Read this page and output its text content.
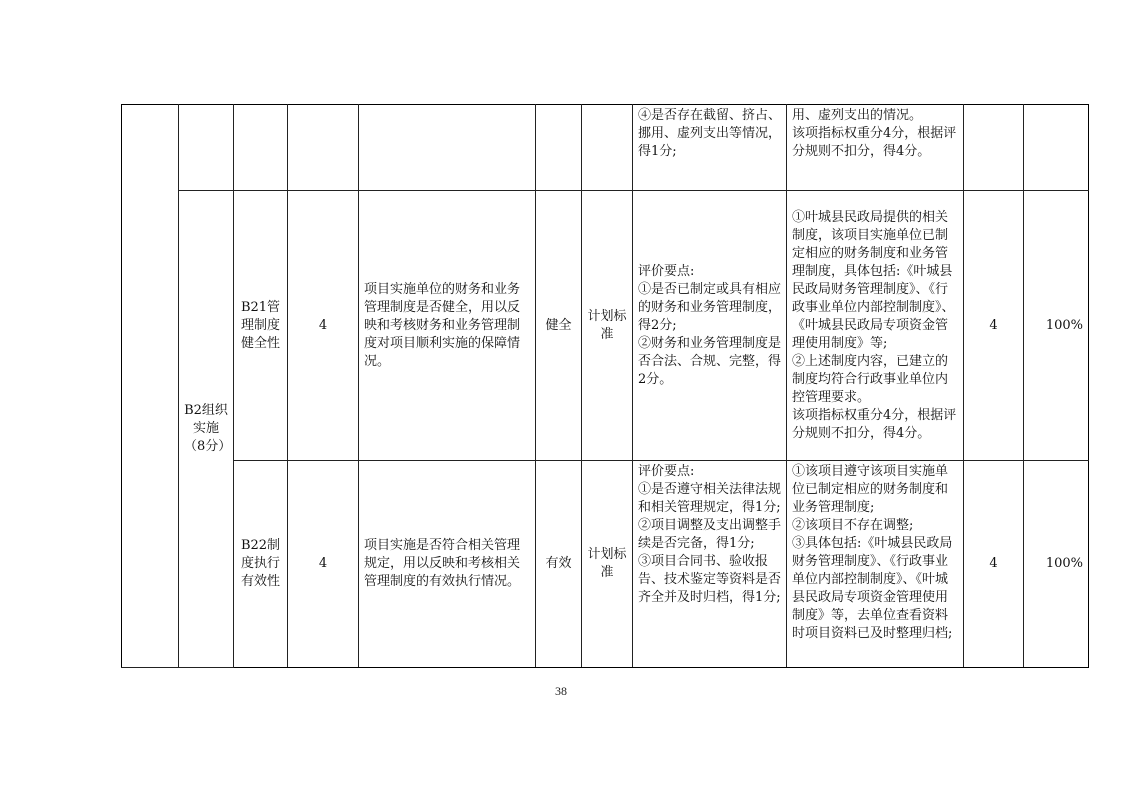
							④是否存在截留、挤占、挪用、虚列支出等情况，得1分;	用、虚列支出的情况。
该项指标权重分4分，根据评分规则不扣分，得4分。		
	B2组织实施（8分）	B21管理制度健全性	4	项目实施单位的财务和业务管理制度是否健全，用以反映和考核财务和业务管理制度对项目顺利实施的保障情况。	健全	计划标准	评价要点:
①是否已制定或具有相应的财务和业务管理制度，得2分;
②财务和业务管理制度是否合法、合规、完整，得2分。	①叶城县民政局提供的相关制度，该项目实施单位已制定相应的财务制度和业务管理制度，具体包括:《叶城县民政局财务管理制度》、《行政事业单位内部控制制度》、《叶城县民政局专项资金管理使用制度》等;
②上述制度内容，已建立的制度均符合行政事业单位内控管理要求。
该项指标权重分4分，根据评分规则不扣分，得4分。	4	100%
		B22制度执行有效性	4	项目实施是否符合相关管理规定，用以反映和考核相关管理制度的有效执行情况。	有效	计划标准	评价要点:
①是否遵守相关法律法规和相关管理规定，得1分;
②项目调整及支出调整手续是否完备，得1分;
③项目合同书、验收报告、技术鉴定等资料是否齐全并及时归档，得1分;	①该项目遵守该项目实施单位已制定相应的财务制度和业务管理制度;
②该项目不存在调整;
③具体包括:《叶城县民政局财务管理制度》、《行政事业单位内部控制制度》、《叶城县民政局专项资金管理使用制度》等，去单位查看资料时项目资料已及时整理归档;	4	100%
38
